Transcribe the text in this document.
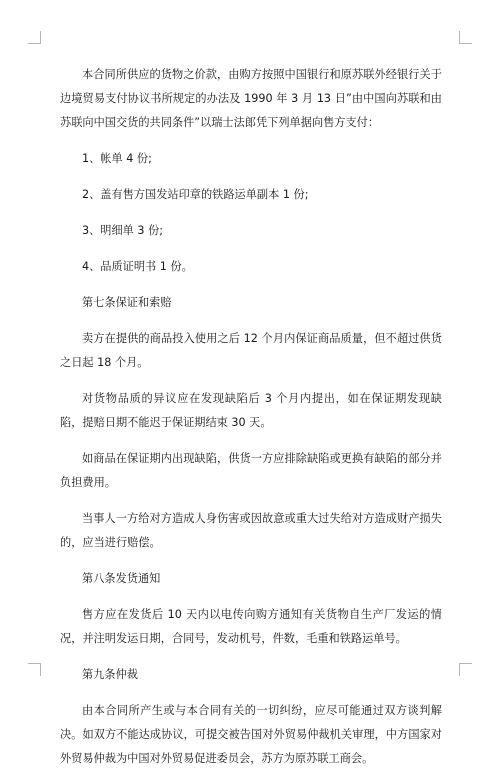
本合同所供应的货物之价款，由购方按照中国银行和原苏联外经银行关于边境贸易支付协议书所规定的办法及 1990 年 3 月 13 日”由中国向苏联和由苏联向中国交货的共同条件”以瑞士法郎凭下列单据向售方支付：

1、帐单 4 份;

2、盖有售方国发站印章的铁路运单副本 1 份;

3、明细单 3 份;

4、品质证明书 1 份。

第七条保证和索赔

卖方在提供的商品投入使用之后 12 个月内保证商品质量，但不超过供货之日起 18 个月。

对货物品质的异议应在发现缺陷后 3 个月内提出，如在保证期发现缺陷，提赔日期不能迟于保证期结束 30 天。

如商品在保证期内出现缺陷，供货一方应排除缺陷或更换有缺陷的部分并负担费用。

当事人一方给对方造成人身伤害或因故意或重大过失给对方造成财产损失的，应当进行赔偿。

第八条发货通知

售方应在发货后 10 天内以电传向购方通知有关货物自生产厂发运的情况，并注明发运日期，合同号，发动机号，件数，毛重和铁路运单号。

第九条仲裁

由本合同所产生或与本合同有关的一切纠纷，应尽可能通过双方谈判解决。如双方不能达成协议，可提交被告国对外贸易仲裁机关审理，中方国家对外贸易仲裁为中国对外贸易促进委员会，苏方为原苏联工商会。
